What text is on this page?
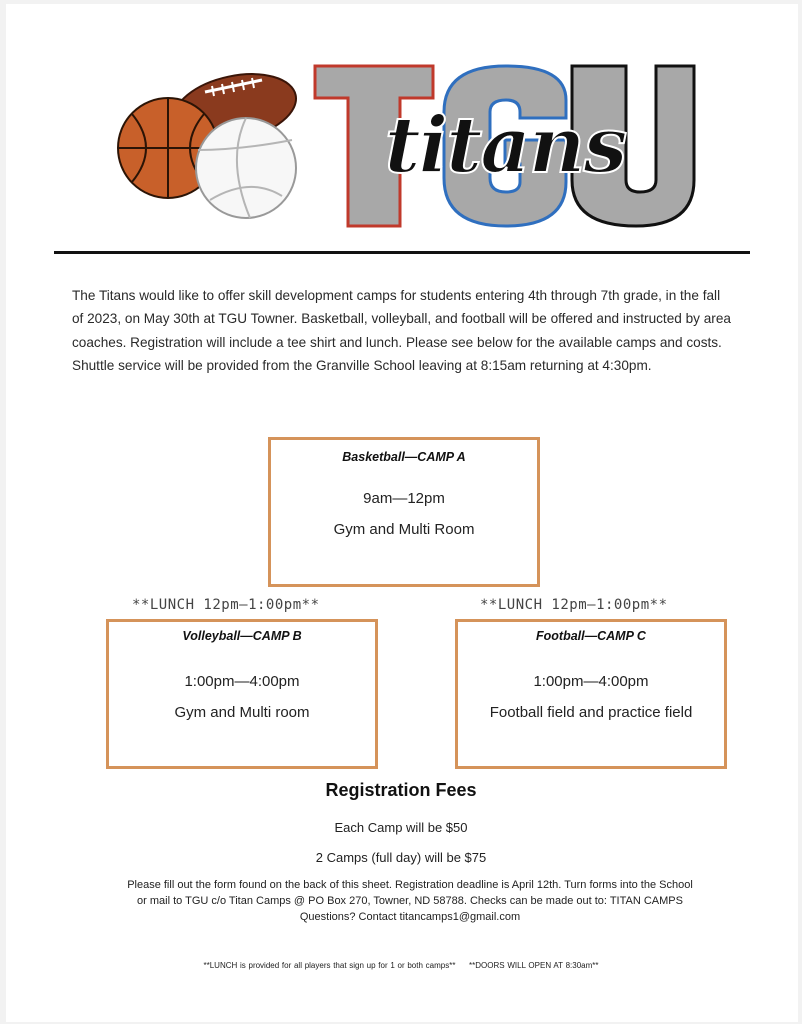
titans
The Titans would like to offer skill development camps for students entering 4th through 7th grade, in the fall of 2023, on May 30th at TGU Towner. Basketball, volleyball, and football will be offered and instructed by area coaches. Registration will include a tee shirt and lunch. Please see below for the available camps and costs. Shuttle service will be provided from the Granville School leaving at 8:15am returning at 4:30pm.
Basketball—CAMP A
9am—12pm
Gym and Multi Room
**LUNCH 12pm—1:00pm**	**LUNCH 12pm—1:00pm**
Volleyball—CAMP B
1:00pm—4:00pm
Gym and Multi room
Football—CAMP C
1:00pm—4:00pm
Football field and practice field
Registration Fees
Each Camp will be $50
2 Camps (full day) will be $75
Please fill out the form found on the back of this sheet. Registration deadline is April 12th. Turn forms into the School
or mail to TGU c/o Titan Camps @ PO Box 270, Towner, ND 58788. Checks can be made out to: TITAN CAMPS
Questions? Contact titancamps1@gmail.com
**LUNCH is provided for all players that sign up for 1 or both camps**     **DOORS WILL OPEN AT 8:30am**
